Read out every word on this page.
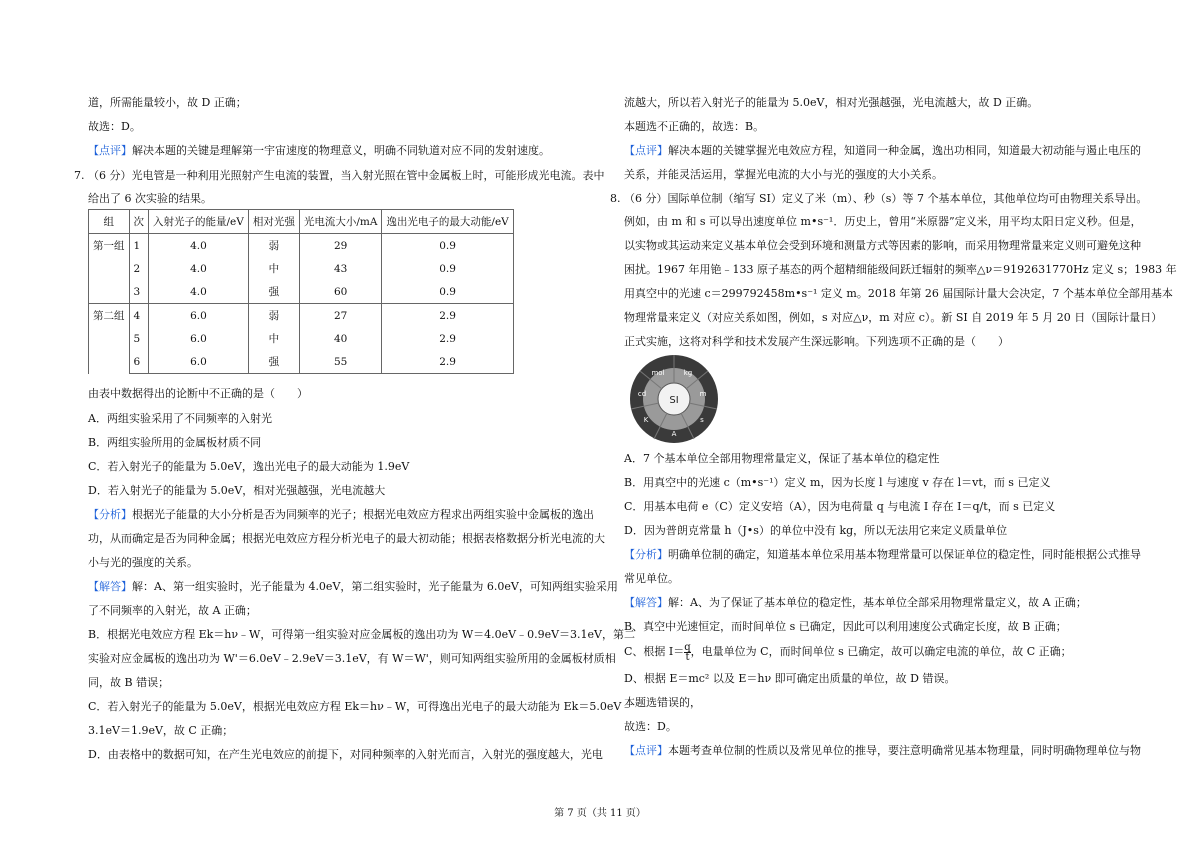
道，所需能量较小，故 D 正确；
故选：D。
【点评】解决本题的关键是理解第一宇宙速度的物理意义，明确不同轨道对应不同的发射速度。
7. （6 分）光电管是一种利用光照射产生电流的装置，当入射光照在管中金属板上时，可能形成光电流。表中
给出了 6 次实验的结果。
组	次	入射光子的能量/eV	相对光强	光电流大小/mA	逸出光电子的最大动能/eV
第一组	1	4.0	弱	29	0.9
	2	4.0	中	43	0.9
	3	4.0	强	60	0.9
第二组	4	6.0	弱	27	2.9
	5	6.0	中	40	2.9
	6	6.0	强	55	2.9
由表中数据得出的论断中不正确的是（　　）
A．两组实验采用了不同频率的入射光
B．两组实验所用的金属板材质不同
C．若入射光子的能量为 5.0eV，逸出光电子的最大动能为 1.9eV
D．若入射光子的能量为 5.0eV，相对光强越强，光电流越大
【分析】根据光子能量的大小分析是否为同频率的光子；根据光电效应方程求出两组实验中金属板的逸出
功，从而确定是否为同种金属；根据光电效应方程分析光电子的最大初动能；根据表格数据分析光电流的大
小与光的强度的关系。
【解答】解：A、第一组实验时，光子能量为 4.0eV，第二组实验时，光子能量为 6.0eV，可知两组实验采用
了不同频率的入射光，故 A 正确；
B．根据光电效应方程 Ek＝hν﹣W，可得第一组实验对应金属板的逸出功为 W＝4.0eV﹣0.9eV＝3.1eV，第二
实验对应金属板的逸出功为 W'＝6.0eV﹣2.9eV＝3.1eV，有 W＝W'，则可知两组实验所用的金属板材质相
同，故 B 错误；
C．若入射光子的能量为 5.0eV，根据光电效应方程 Ek＝hν﹣W，可得逸出光电子的最大动能为 Ek＝5.0eV﹣
3.1eV＝1.9eV，故 C 正确；
D．由表格中的数据可知，在产生光电效应的前提下，对同种频率的入射光而言，入射光的强度越大，光电
流越大，所以若入射光子的能量为 5.0eV，相对光强越强，光电流越大，故 D 正确。
本题选不正确的，故选：B。
【点评】解决本题的关键掌握光电效应方程，知道同一种金属，逸出功相同，知道最大初动能与遏止电压的
关系，并能灵活运用，掌握光电流的大小与光的强度的大小关系。
8. （6 分）国际单位制（缩写 SI）定义了米（m）、秒（s）等 7 个基本单位，其他单位均可由物理关系导出。
例如，由 m 和 s 可以导出速度单位 m•s⁻¹．历史上，曾用“米原器”定义米，用平均太阳日定义秒。但是，
以实物或其运动来定义基本单位会受到环境和测量方式等因素的影响，而采用物理常量来定义则可避免这种
困扰。1967 年用铯﹣133 原子基态的两个超精细能级间跃迁辐射的频率△ν＝9192631770Hz 定义 s；1983 年
用真空中的光速 c＝299792458m•s⁻¹ 定义 m。2018 年第 26 届国际计量大会决定，7 个基本单位全部用基本
物理常量来定义（对应关系如图，例如，s 对应△ν，m 对应 c）。新 SI 自 2019 年 5 月 20 日（国际计量日）
正式实施，这将对科学和技术发展产生深远影响。下列选项不正确的是（　　）
SI
kg
m
s
A
K
cd
mol
A．7 个基本单位全部用物理常量定义，保证了基本单位的稳定性
B．用真空中的光速 c（m•s⁻¹）定义 m，因为长度 l 与速度 v 存在 l＝vt，而 s 已定义
C．用基本电荷 e（C）定义安培（A），因为电荷量 q 与电流 I 存在 I＝q/t，而 s 已定义
D．因为普朗克常量 h（J•s）的单位中没有 kg，所以无法用它来定义质量单位
【分析】明确单位制的确定，知道基本单位采用基本物理常量可以保证单位的稳定性，同时能根据公式推导
常见单位。
【解答】解：A、为了保证了基本单位的稳定性，基本单位全部采用物理常量定义，故 A 正确；
B、真空中光速恒定，而时间单位 s 已确定，因此可以利用速度公式确定长度，故 B 正确；
C、根据 $I= \frac{q}{t}$ ，电量单位为 C，而时间单位 s 已确定，故可以确定电流的单位，故 C 正确；
D、根据 E＝mc² 以及 E＝hν 即可确定出质量的单位，故 D 错误。
本题选错误的，
故选：D。
【点评】本题考查单位制的性质以及常见单位的推导，要注意明确常见基本物理量，同时明确物理单位与物
第 7 页（共 11 页）
